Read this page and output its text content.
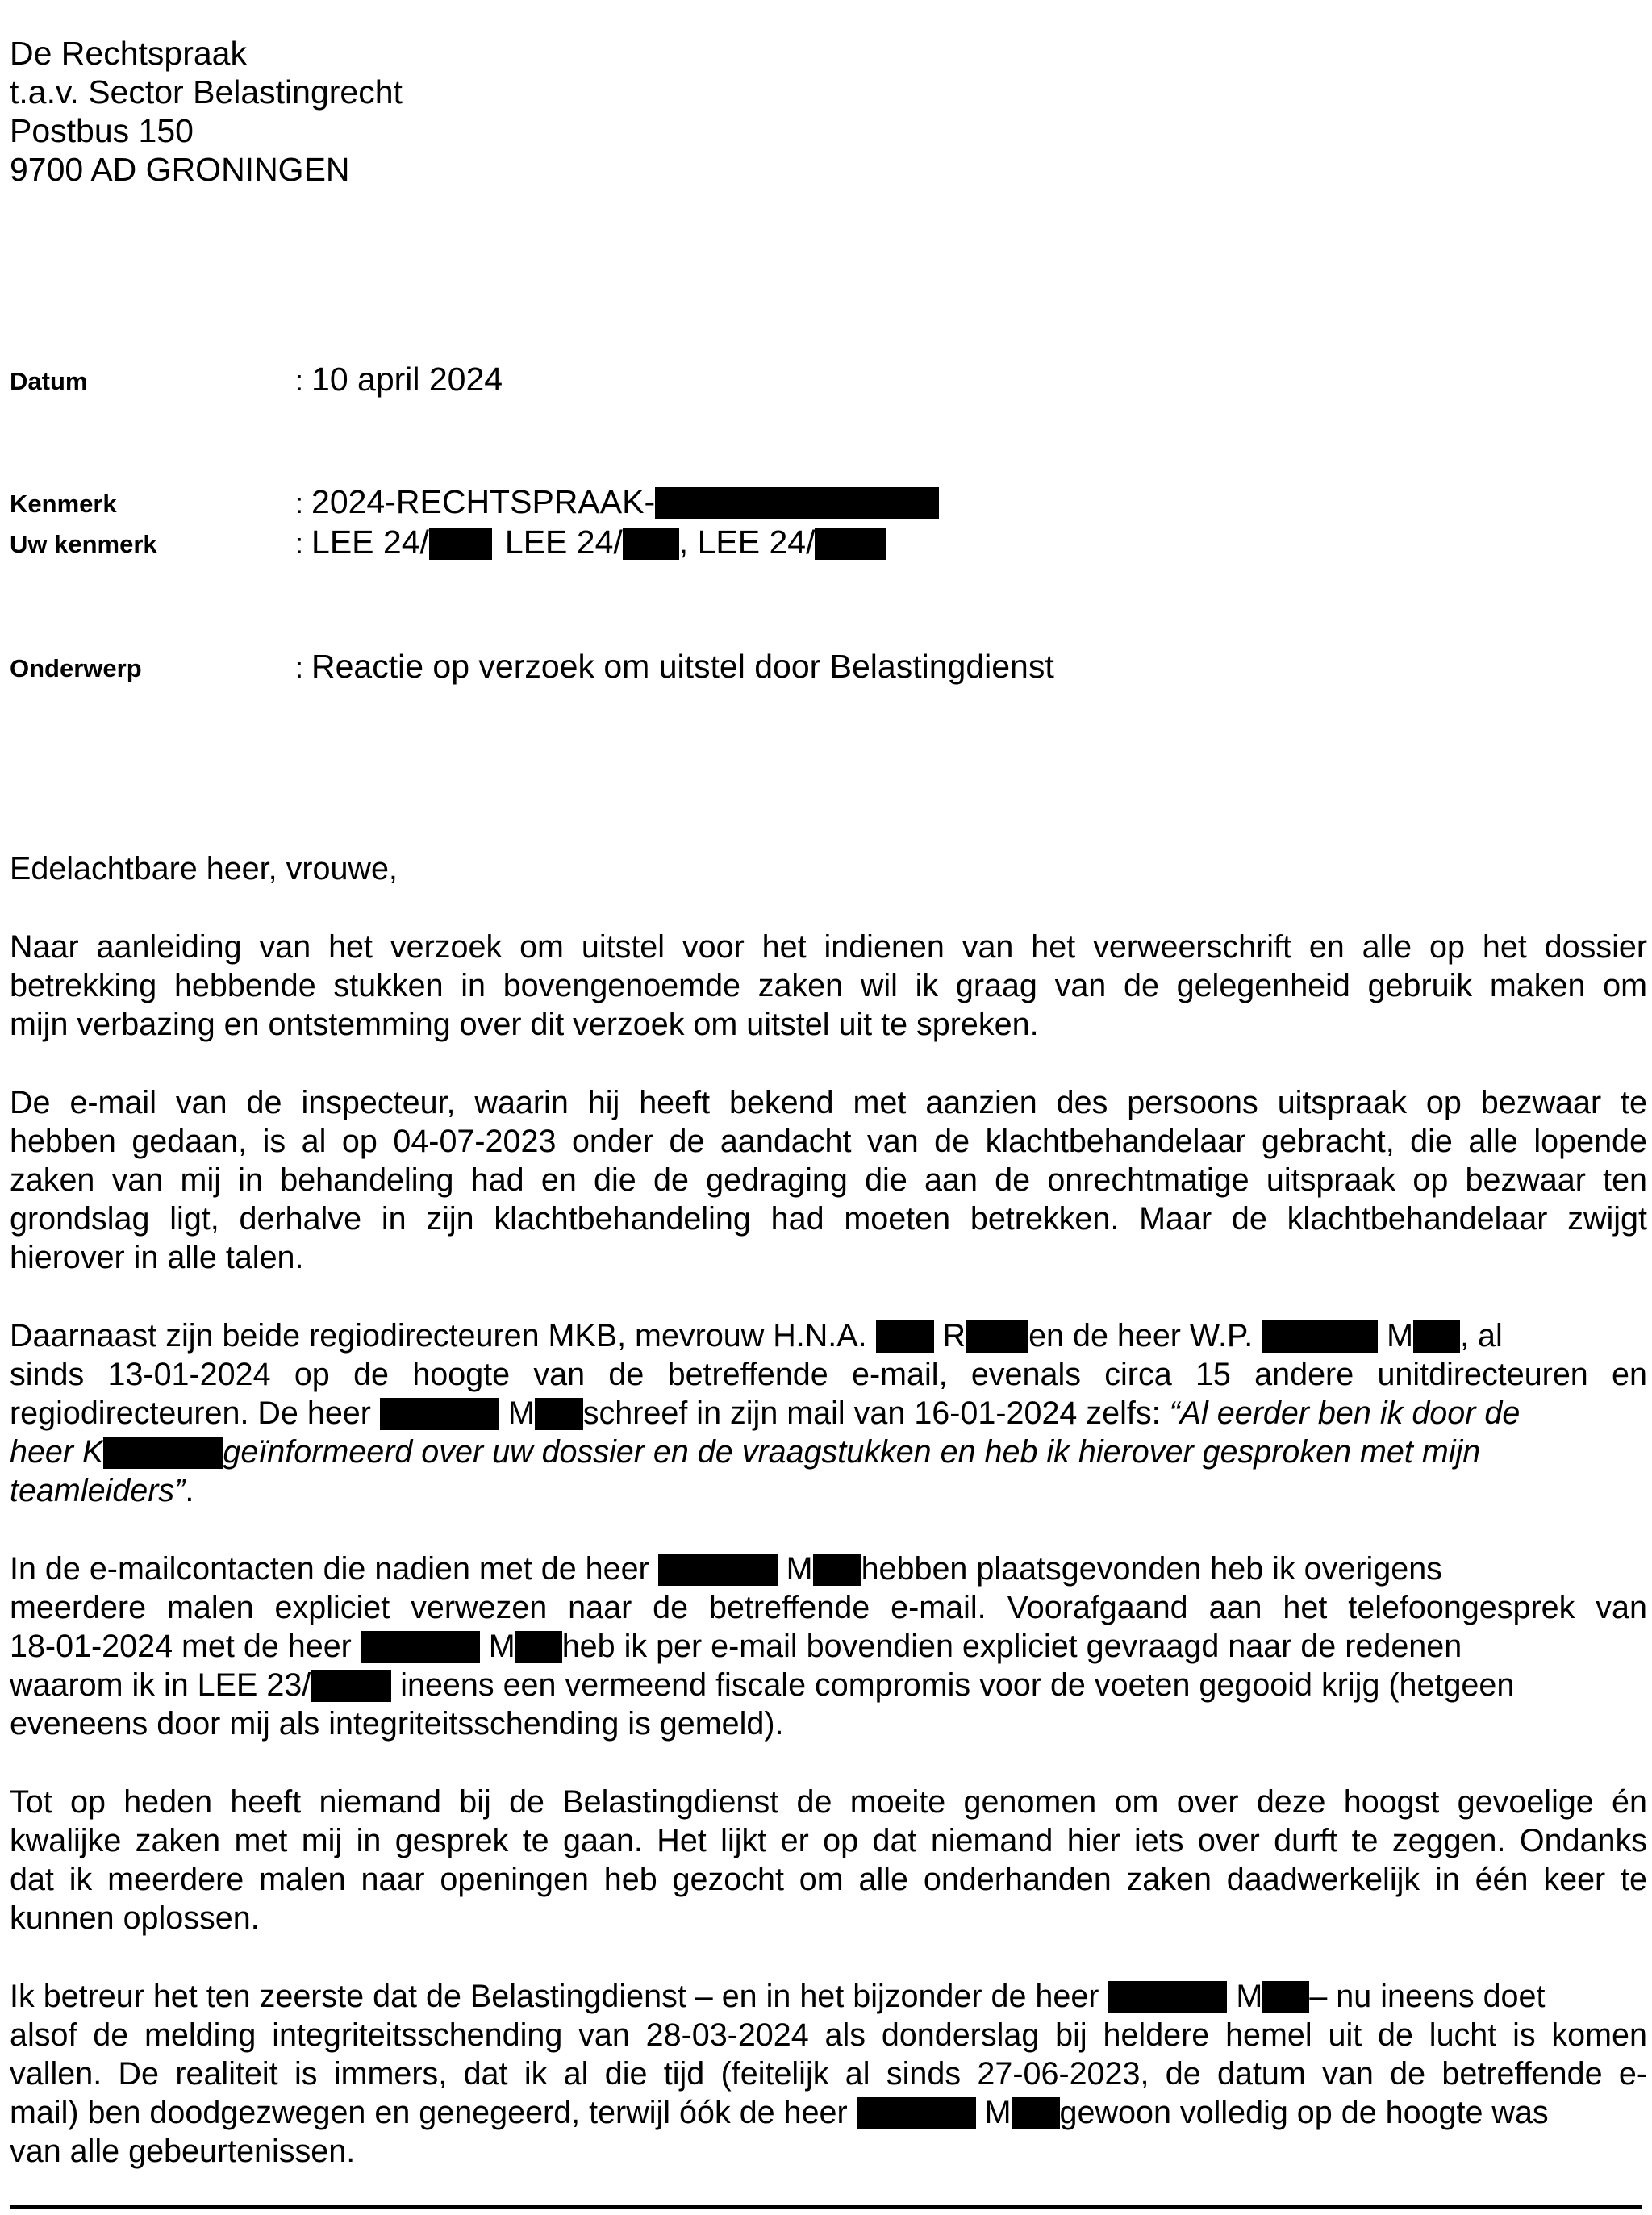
De Rechtspraak
t.a.v. Sector Belastingrecht
Postbus 150
9700 AD GRONINGEN
Datum	: 10 april 2024
Kenmerk	: 2024-RECHTSPRAAK-
Uw kenmerk	: LEE 24/ LEE 24/ , LEE 24/
Onderwerp	: Reactie op verzoek om uitstel door Belastingdienst
Edelachtbare heer, vrouwe,
Naar aanleiding van het verzoek om uitstel voor het indienen van het verweerschrift en alle op het dossier
betrekking hebbende stukken in bovengenoemde zaken wil ik graag van de gelegenheid gebruik maken om
mijn verbazing en ontstemming over dit verzoek om uitstel uit te spreken.
De e-mail van de inspecteur, waarin hij heeft bekend met aanzien des persoons uitspraak op bezwaar te
hebben gedaan, is al op 04-07-2023 onder de aandacht van de klachtbehandelaar gebracht, die alle lopende
zaken van mij in behandeling had en die de gedraging die aan de onrechtmatige uitspraak op bezwaar ten
grondslag ligt, derhalve in zijn klachtbehandeling had moeten betrekken. Maar de klachtbehandelaar zwijgt
hierover in alle talen.
Daarnaast zijn beide regiodirecteuren MKB, mevrouw H.N.A.  R en de heer W.P.	M , al
sinds 13-01-2024 op de hoogte van de betreffende e-mail, evenals circa 15 andere unitdirecteuren en
regiodirecteuren. De heer	M schreef in zijn mail van 16-01-2024 zelfs: “Al eerder ben ik door de
heer K	geïnformeerd over uw dossier en de vraagstukken en heb ik hierover gesproken met mijn
teamleiders”.
In de e-mailcontacten die nadien met de heer	M hebben plaatsgevonden heb ik overigens
meerdere malen expliciet verwezen naar de betreffende e-mail. Voorafgaand aan het telefoongesprek van
18-01-2024 met de heer	M heb ik per e-mail bovendien expliciet gevraagd naar de redenen
waarom ik in LEE 23/	ineens een vermeend fiscale compromis voor de voeten gegooid krijg (hetgeen
eveneens door mij als integriteitsschending is gemeld).
Tot op heden heeft niemand bij de Belastingdienst de moeite genomen om over deze hoogst gevoelige én
kwalijke zaken met mij in gesprek te gaan. Het lijkt er op dat niemand hier iets over durft te zeggen. Ondanks
dat ik meerdere malen naar openingen heb gezocht om alle onderhanden zaken daadwerkelijk in één keer te
kunnen oplossen.
Ik betreur het ten zeerste dat de Belastingdienst – en in het bijzonder de heer	M – nu ineens doet
alsof de melding integriteitsschending van 28-03-2024 als donderslag bij heldere hemel uit de lucht is komen
vallen. De realiteit is immers, dat ik al die tijd (feitelijk al sinds 27-06-2023, de datum van de betreffende e-
mail) ben doodgezwegen en genegeerd, terwijl óók de heer	M gewoon volledig op de hoogte was
van alle gebeurtenissen.
